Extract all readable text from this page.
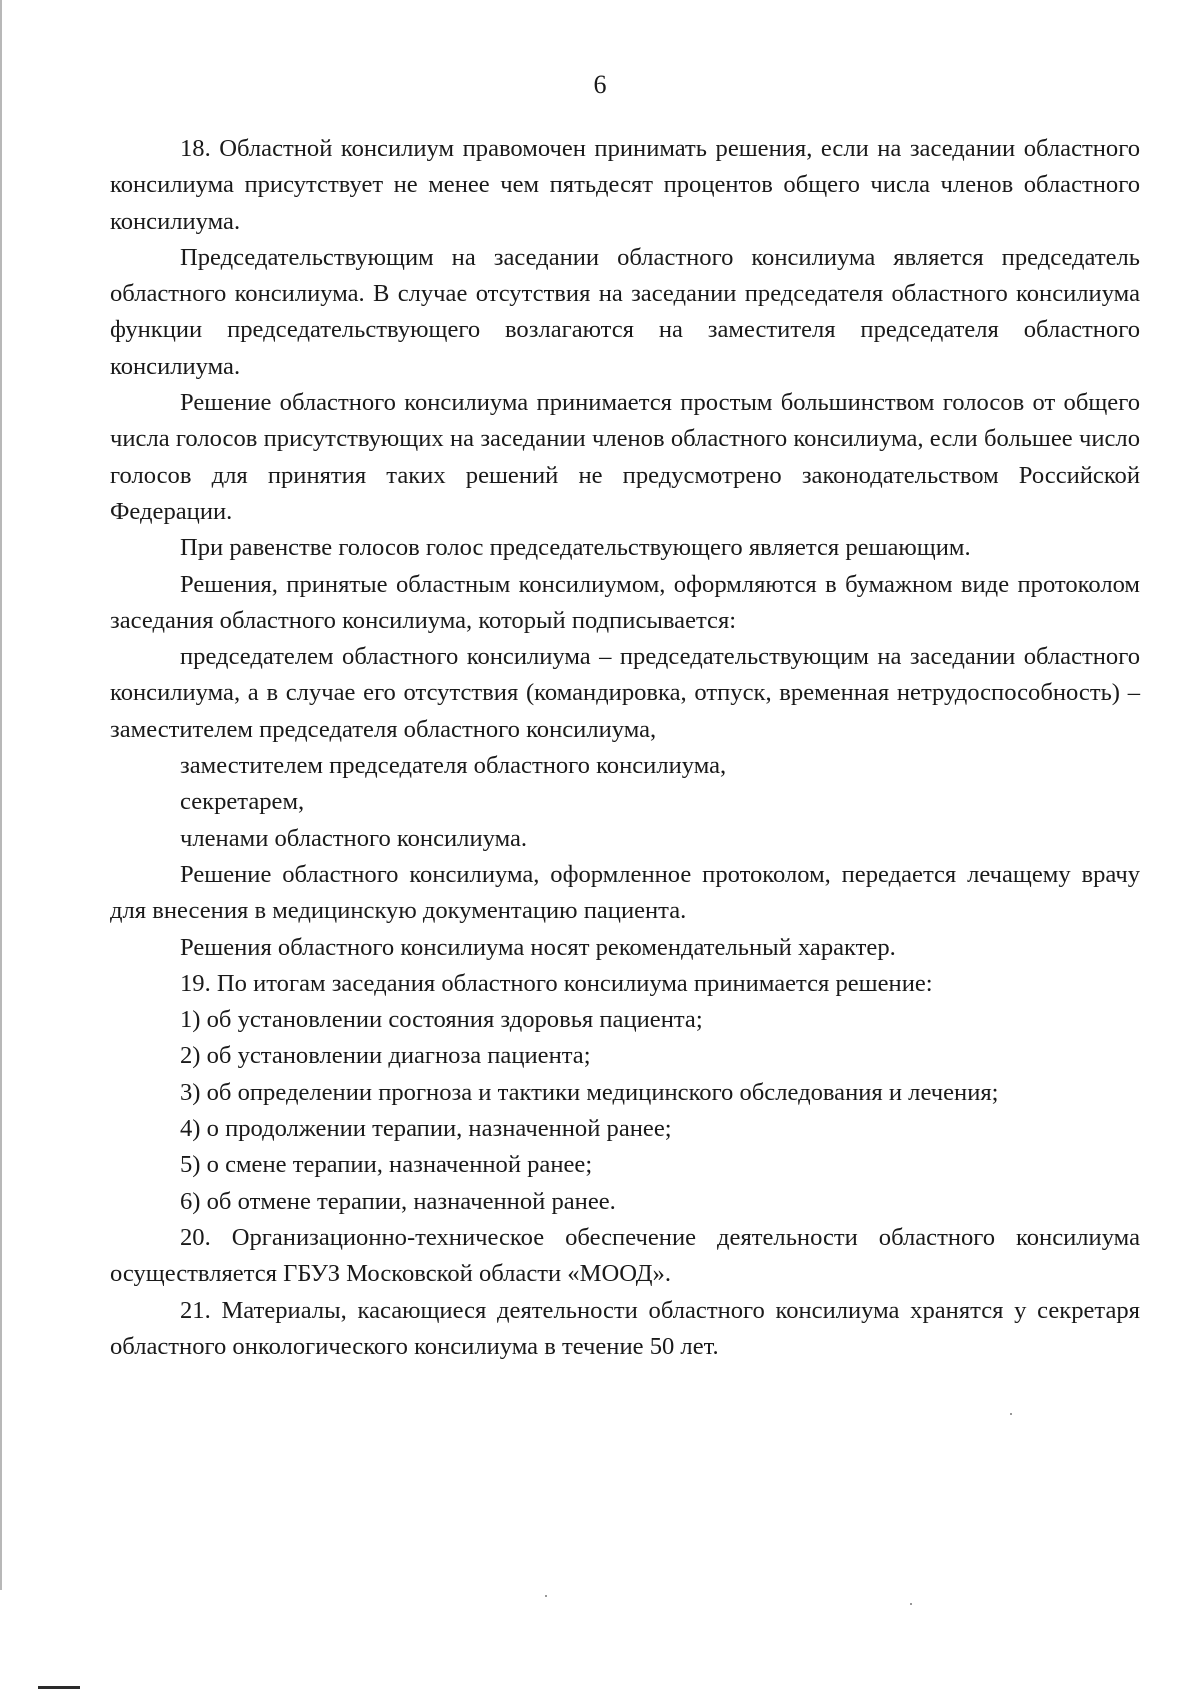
6

18. Областной консилиум правомочен принимать решения, если на заседании областного консилиума присутствует не менее чем пятьдесят процентов общего числа членов областного консилиума.

Председательствующим на заседании областного консилиума является председатель областного консилиума. В случае отсутствия на заседании председателя областного консилиума функции председательствующего возлагаются на заместителя председателя областного консилиума.

Решение областного консилиума принимается простым большинством голосов от общего числа голосов присутствующих на заседании членов областного консилиума, если большее число голосов для принятия таких решений не предусмотрено законодательством Российской Федерации.

При равенстве голосов голос председательствующего является решающим.

Решения, принятые областным консилиумом, оформляются в бумажном виде протоколом заседания областного консилиума, который подписывается:

председателем областного консилиума – председательствующим на заседании областного консилиума, а в случае его отсутствия (командировка, отпуск, временная нетрудоспособность) – заместителем председателя областного консилиума,

заместителем председателя областного консилиума,

секретарем,

членами областного консилиума.

Решение областного консилиума, оформленное протоколом, передается лечащему врачу для внесения в медицинскую документацию пациента.

Решения областного консилиума носят рекомендательный характер.

19. По итогам заседания областного консилиума принимается решение:

1) об установлении состояния здоровья пациента;

2) об установлении диагноза пациента;

3) об определении прогноза и тактики медицинского обследования и лечения;

4) о продолжении терапии, назначенной ранее;

5) о смене терапии, назначенной ранее;

6) об отмене терапии, назначенной ранее.

20. Организационно-техническое обеспечение деятельности областного консилиума осуществляется ГБУЗ Московской области «МООД».

21. Материалы, касающиеся деятельности областного консилиума хранятся у секретаря областного онкологического консилиума в течение 50 лет.
